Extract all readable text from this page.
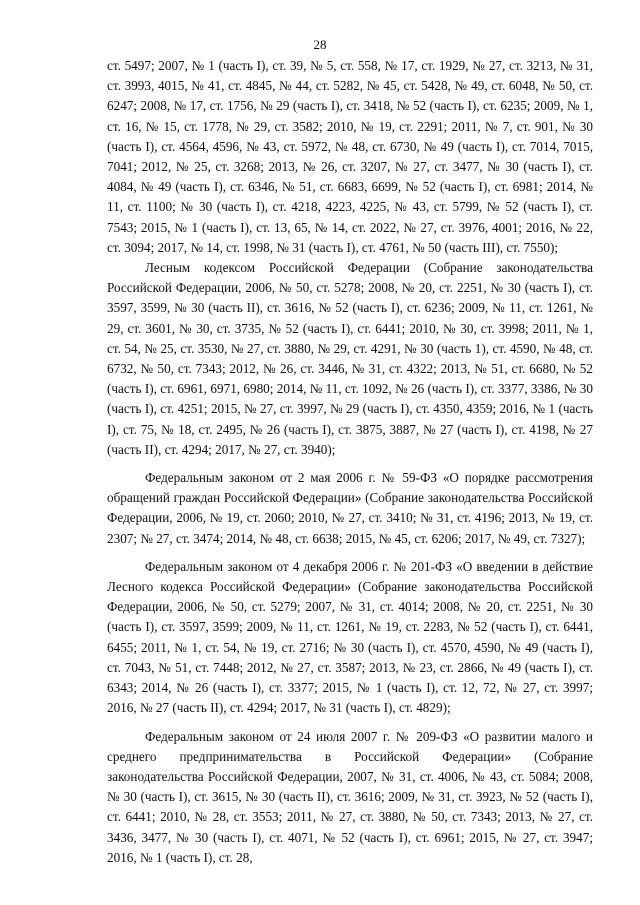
28

ст. 5497; 2007, № 1 (часть I), ст. 39, № 5, ст. 558, № 17, ст. 1929, № 27, ст. 3213, № 31, ст. 3993, 4015, № 41, ст. 4845, № 44, ст. 5282, № 45, ст. 5428, № 49, ст. 6048, № 50, ст. 6247; 2008, № 17, ст. 1756, № 29 (часть I), ст. 3418, № 52 (часть I), ст. 6235; 2009, № 1, ст. 16, № 15, ст. 1778, № 29, ст. 3582; 2010, № 19, ст. 2291; 2011, № 7, ст. 901, № 30 (часть I), ст. 4564, 4596, № 43, ст. 5972, № 48, ст. 6730, № 49 (часть I), ст. 7014, 7015, 7041; 2012, № 25, ст. 3268; 2013, № 26, ст. 3207, № 27, ст. 3477, № 30 (часть I), ст. 4084, № 49 (часть I), ст. 6346, № 51, ст. 6683, 6699, № 52 (часть I), ст. 6981; 2014, № 11, ст. 1100; № 30 (часть I), ст. 4218, 4223, 4225, № 43, ст. 5799, № 52 (часть I), ст. 7543; 2015, № 1 (часть I), ст. 13, 65, № 14, ст. 2022, № 27, ст. 3976, 4001; 2016, № 22, ст. 3094; 2017, № 14, ст. 1998, № 31 (часть I), ст. 4761, № 50 (часть III), ст. 7550);

Лесным кодексом Российской Федерации (Собрание законодательства Российской Федерации, 2006, № 50, ст. 5278; 2008, № 20, ст. 2251, № 30 (часть I), ст. 3597, 3599, № 30 (часть II), ст. 3616, № 52 (часть I), ст. 6236; 2009, № 11, ст. 1261, № 29, ст. 3601, № 30, ст. 3735, № 52 (часть I), ст. 6441; 2010, № 30, ст. 3998; 2011, № 1, ст. 54, № 25, ст. 3530, № 27, ст. 3880, № 29, ст. 4291, № 30 (часть 1), ст. 4590, № 48, ст. 6732, № 50, ст. 7343; 2012, № 26, ст. 3446, № 31, ст. 4322; 2013, № 51, ст. 6680, № 52 (часть I), ст. 6961, 6971, 6980; 2014, № 11, ст. 1092, № 26 (часть I), ст. 3377, 3386, № 30 (часть I), ст. 4251; 2015, № 27, ст. 3997, № 29 (часть I), ст. 4350, 4359; 2016, № 1 (часть I), ст. 75, № 18, ст. 2495, № 26 (часть I), ст. 3875, 3887, № 27 (часть I), ст. 4198, № 27 (часть II), ст. 4294; 2017, № 27, ст. 3940);

Федеральным законом от 2 мая 2006 г. № 59-ФЗ «О порядке рассмотрения обращений граждан Российской Федерации» (Собрание законодательства Российской Федерации, 2006, № 19, ст. 2060; 2010, № 27, ст. 3410; № 31, ст. 4196; 2013, № 19, ст. 2307; № 27, ст. 3474; 2014, № 48, ст. 6638; 2015, № 45, ст. 6206; 2017, № 49, ст. 7327);

Федеральным законом от 4 декабря 2006 г. № 201-ФЗ «О введении в действие Лесного кодекса Российской Федерации» (Собрание законодательства Российской Федерации, 2006, № 50, ст. 5279; 2007, № 31, ст. 4014; 2008, № 20, ст. 2251, № 30 (часть I), ст. 3597, 3599; 2009, № 11, ст. 1261, № 19, ст. 2283, № 52 (часть I), ст. 6441, 6455; 2011, № 1, ст. 54, № 19, ст. 2716; № 30 (часть I), ст. 4570, 4590, № 49 (часть I), ст. 7043, № 51, ст. 7448; 2012, № 27, ст. 3587; 2013, № 23, ст. 2866, № 49 (часть I), ст. 6343; 2014, № 26 (часть I), ст. 3377; 2015, № 1 (часть I), ст. 12, 72, № 27, ст. 3997; 2016, № 27 (часть II), ст. 4294; 2017, № 31 (часть I), ст. 4829);

Федеральным законом от 24 июля 2007 г. № 209-ФЗ «О развитии малого и среднего предпринимательства в Российской Федерации» (Собрание законодательства Российской Федерации, 2007, № 31, ст. 4006, № 43, ст. 5084; 2008, № 30 (часть I), ст. 3615, № 30 (часть II), ст. 3616; 2009, № 31, ст. 3923, № 52 (часть I), ст. 6441; 2010, № 28, ст. 3553; 2011, № 27, ст. 3880, № 50, ст. 7343; 2013, № 27, ст. 3436, 3477, № 30 (часть I), ст. 4071, № 52 (часть I), ст. 6961; 2015, № 27, ст. 3947; 2016, № 1 (часть I), ст. 28,
